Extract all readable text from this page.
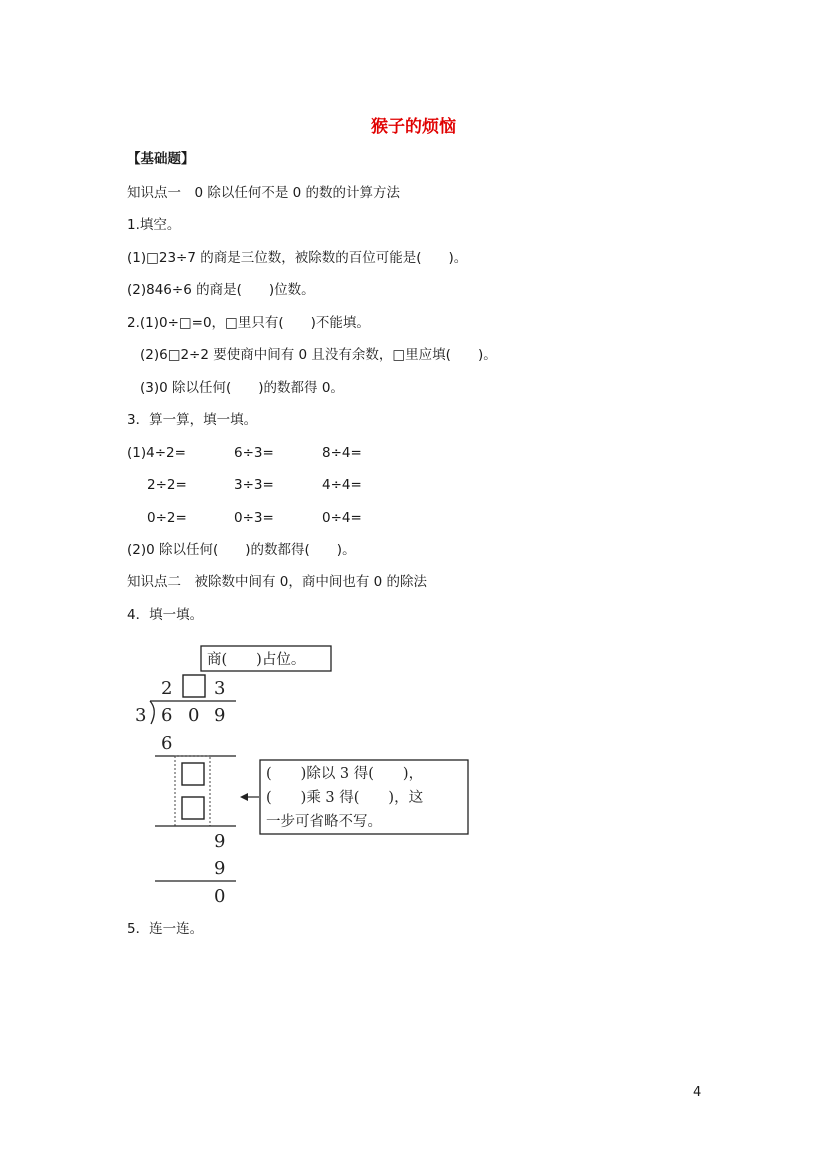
猴子的烦恼
【基础题】
知识点一　0 除以任何不是 0 的数的计算方法
1.填空。
(1)□23÷7 的商是三位数，被除数的百位可能是(　　)。
(2)846÷6 的商是(　　)位数。
2.(1)0÷□=0，□里只有(　　)不能填。
(2)6□2÷2 要使商中间有 0 且没有余数，□里应填(　　)。
(3)0 除以任何(　　)的数都得 0。
3．算一算，填一填。
(1)4÷2=	6÷3=	8÷4=
2÷2=	3÷3=	4÷4=
0÷2=	0÷3=	0÷4=
(2)0 除以任何(　　)的数都得(　　)。
知识点二　被除数中间有 0，商中间也有 0 的除法
4．填一填。
商(　　)占位。
2 3
3 6 0 9
6
9
9
0
(　　)除以 3 得(　　)，
(　　)乘 3 得(　　)，这
一步可省略不写。
5．连一连。
4
